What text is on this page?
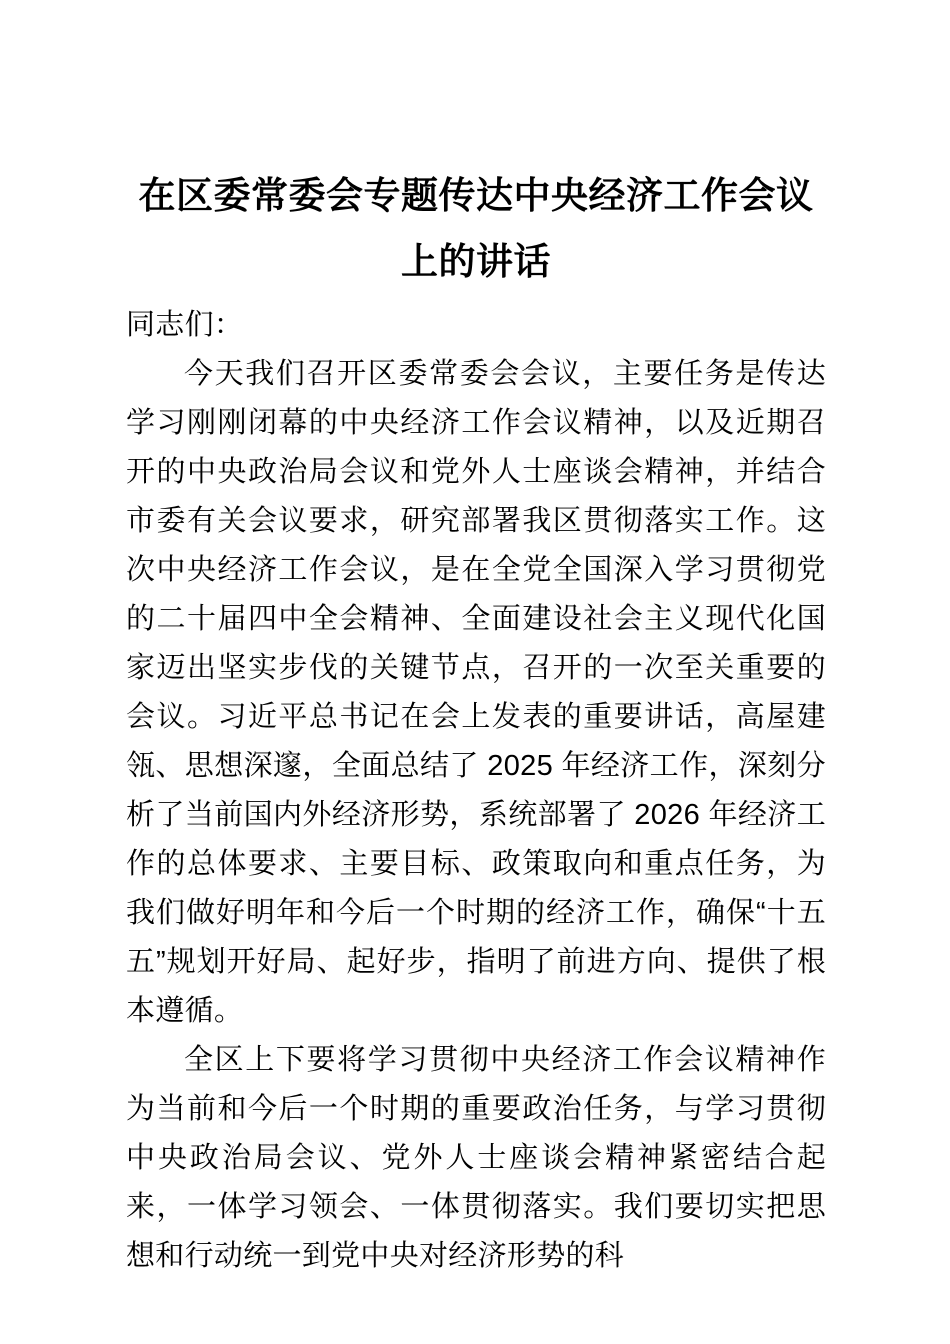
在区委常委会专题传达中央经济工作会议上的讲话

同志们：

今天我们召开区委常委会会议，主要任务是传达学习刚刚闭幕的中央经济工作会议精神，以及近期召开的中央政治局会议和党外人士座谈会精神，并结合市委有关会议要求，研究部署我区贯彻落实工作。这次中央经济工作会议，是在全党全国深入学习贯彻党的二十届四中全会精神、全面建设社会主义现代化国家迈出坚实步伐的关键节点，召开的一次至关重要的会议。习近平总书记在会上发表的重要讲话，高屋建瓴、思想深邃，全面总结了 2025 年经济工作，深刻分析了当前国内外经济形势，系统部署了 2026 年经济工作的总体要求、主要目标、政策取向和重点任务，为我们做好明年和今后一个时期的经济工作，确保“十五五”规划开好局、起好步，指明了前进方向、提供了根本遵循。

全区上下要将学习贯彻中央经济工作会议精神作为当前和今后一个时期的重要政治任务，与学习贯彻中央政治局会议、党外人士座谈会精神紧密结合起来，一体学习领会、一体贯彻落实。我们要切实把思想和行动统一到党中央对经济形势的科
